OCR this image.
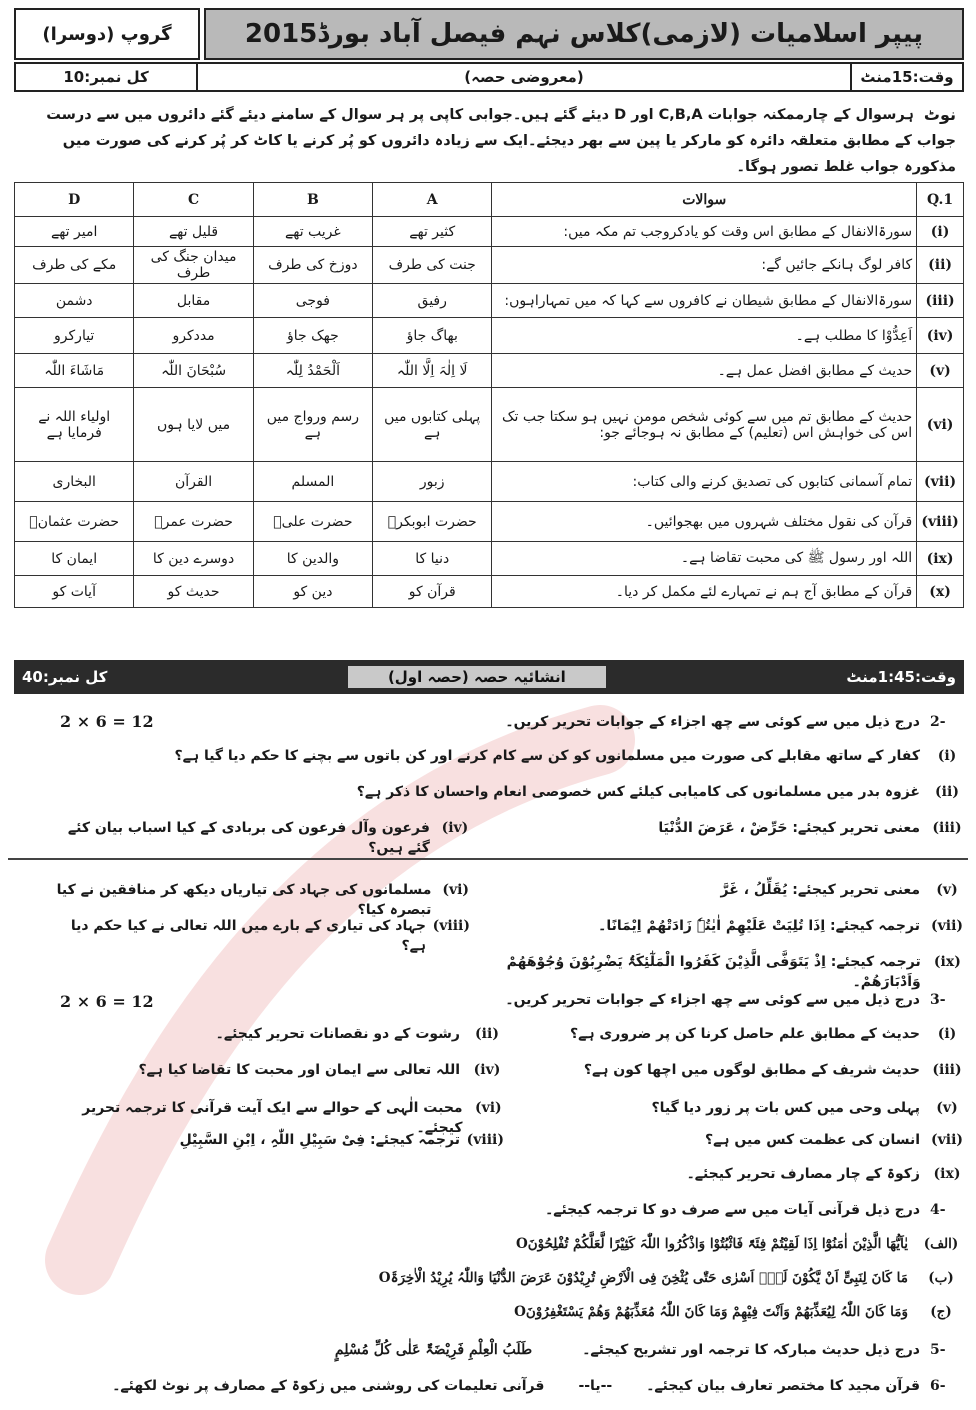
گروپ (دوسرا)	پیپر اسلامیات (لازمی)کلاس نہم فیصل آباد بورڈ2015
کل نمبر:10	(معروضی حصہ)	وقت:15منٹ
نوٹ
ہرسوال کے چارممکنہ جوابات C,B,A اور D دیئے گئے ہیں۔جوابی کاپی پر ہر سوال کے سامنے دیئے گئے دائروں میں سے درست جواب کے مطابق متعلقہ دائرہ کو مارکر یا پین سے بھر دیجئے۔ایک سے زیادہ دائروں کو پُر کرنے یا کاٹ کر پُر کرنے کی صورت میں مذکورہ جواب غلط تصور ہوگا۔
Q.1	سوالات	A	B	C	D
(i)	سورۃالانفال کے مطابق اس وقت کو یادکروجب تم مکہ میں:	کثیر تھے	غریب تھے	قلیل تھے	امیر تھے
(ii)	کافر لوگ ہانکے جائیں گے:	جنت کی طرف	دوزخ کی طرف	میدان جنگ کی طرف	مکے کی طرف
(iii)	سورۃالانفال کے مطابق شیطان نے کافروں سے کہا کہ میں تمہاراہوں:	رفیق	فوجی	مقابل	دشمن
(iv)	اَعِدُّوْا کا مطلب ہے۔	بھاگ جاؤ	جھک جاؤ	مددکرو	تیارکرو
(v)	حدیث کے مطابق افضل عمل ہے۔	لَا اِلٰہَ اِلَّا اللّٰہ	اَلْحَمْدُ لِلّٰہ	سُبْحَانَ اللّٰہ	مَاشَاءَ اللّٰہ
(vi)	حدیث کے مطابق تم میں سے کوئی شخص مومن نہیں ہو سکتا جب تک اس کی خواہش اس (تعلیم) کے مطابق نہ ہوجائے جو:	پہلی کتابوں میں ہے	رسم ورواج میں ہے	میں لایا ہوں	اولیاء اللہ نے فرمایا ہے
(vii)	تمام آسمانی کتابوں کی تصدیق کرنے والی کتاب:	زبور	المسلم	القرآن	البخاری
(viii)	قرآن کی نقول مختلف شہروں میں بھجوائیں۔	حضرت ابوبکرؓ	حضرت علیؓ	حضرت عمرؓ	حضرت عثمانؓ
(ix)	اللہ اور رسول ﷺ کی محبت تقاضا ہے۔	دنیا کا	والدین کا	دوسرے دین کا	ایمان کا
(x)	قرآن کے مطابق آج ہم نے تمہارے لئے مکمل کر دیا۔	قرآن کو	دین کو	حدیث کو	آیات کو
کل نمبر:40	انشائیہ حصہ (حصہ اول)	وقت:1:45منٹ
-2
درج ذیل میں سے کوئی سے چھ اجزاء کے جوابات تحریر کریں۔
2 × 6 = 12
(i)
کفار کے ساتھ مقابلے کی صورت میں مسلمانوں کو کن سے کام کرنے اور کن باتوں سے بچنے کا حکم دیا گیا ہے؟
(ii)
غزوہ بدر میں مسلمانوں کی کامیابی کیلئے کس خصوصی انعام واحسان کا ذکر ہے؟
(iii)
معنی تحریر کیجئے: حَرِّضْ ، عَرَضَ الدُّنْیَا
(iv)
فرعون وآل فرعون کی بربادی کے کیا اسباب بیان کئے گئے ہیں؟
(v)
معنی تحریر کیجئے: یُقَلِّلُ ، غَرَّ
(vi)
مسلمانوں کی جہاد کی تیاریاں دیکھ کر منافقین نے کیا تبصرہ کیا؟
(vii)
ترجمہ کیجئے: اِذَا تُلِیَتْ عَلَیْھِمْ اٰیٰتُہٗ زَادَتْھُمْ اِیْمَانًا۔
(viii)
جہاد کی تیاری کے بارے میں اللہ تعالی نے کیا حکم دیا ہے؟
(ix)
ترجمہ کیجئے: اِذْ یَتَوَفَّی الَّذِیْنَ کَفَرُوا الْمَلٰٓئِکَۃُ یَضْرِبُوْنَ وُجُوْھَھُمْ وَاَدْبَارَھُمْ۔
-3
درج ذیل میں سے کوئی سے چھ اجزاء کے جوابات تحریر کریں۔
2 × 6 = 12
(i)
حدیث کے مطابق علم حاصل کرنا کن پر ضروری ہے؟
(ii)
رشوت کے دو نقصانات تحریر کیجئے۔
(iii)
حدیث شریف کے مطابق لوگوں میں اچھا کون ہے؟
(iv)
اللہ تعالی سے ایمان اور محبت کا تقاضا کیا ہے؟
(v)
پہلی وحی میں کس بات پر زور دیا گیا؟
(vi)
محبت الٰہی کے حوالے سے ایک آیت قرآنی کا ترجمہ تحریر کیجئے۔
(vii)
انسان کی عظمت کس میں ہے؟
(viii)
ترجمہ کیجئے: فِیْ سَبِیْلِ اللّٰہِ ، اِبْنِ السَّبِیْلِ
(ix)
زکوۃ کے چار مصارف تحریر کیجئے۔
-4
درج ذیل قرآنی آیات میں سے صرف دو کا ترجمہ کیجئے۔
(الف)
یٰاَیُّھَا الَّذِیْنَ اٰمَنُوْٓا اِذَا لَقِیْتُمْ فِئَۃً فَاثْبُتُوْا وَاذْکُرُوا اللّٰہَ کَثِیْرًا لَّعَلَّکُمْ تُفْلِحُوْنَO
(ب)
مَا کَانَ لِنَبِیٍّ اَنْ یَّکُوْنَ لَہٗٓ اَسْرٰی حَتّٰی یُثْخِنَ فِی الْاَرْضِ تُرِیْدُوْنَ عَرَضَ الدُّنْیَا وَاللّٰہُ یُرِیْدُ الْاٰخِرَۃَO
(ج)
وَمَا کَانَ اللّٰہُ لِیُعَذِّبَھُمْ وَاَنْتَ فِیْھِمْ وَمَا کَانَ اللّٰہُ مُعَذِّبَھُمْ وَھُمْ یَسْتَغْفِرُوْنَO
-5
درج ذیل حدیث مبارکہ کا ترجمہ اور تشریح کیجئے۔
طَلَبُ الْعِلْمِ فَرِیْضَۃٌ عَلٰی کُلِّ مُسْلِمٍ
-6
قرآن مجید کا مختصر تعارف بیان کیجئے۔
--یا--
قرآنی تعلیمات کی روشنی میں زکوۃ کے مصارف پر نوٹ لکھئے۔
